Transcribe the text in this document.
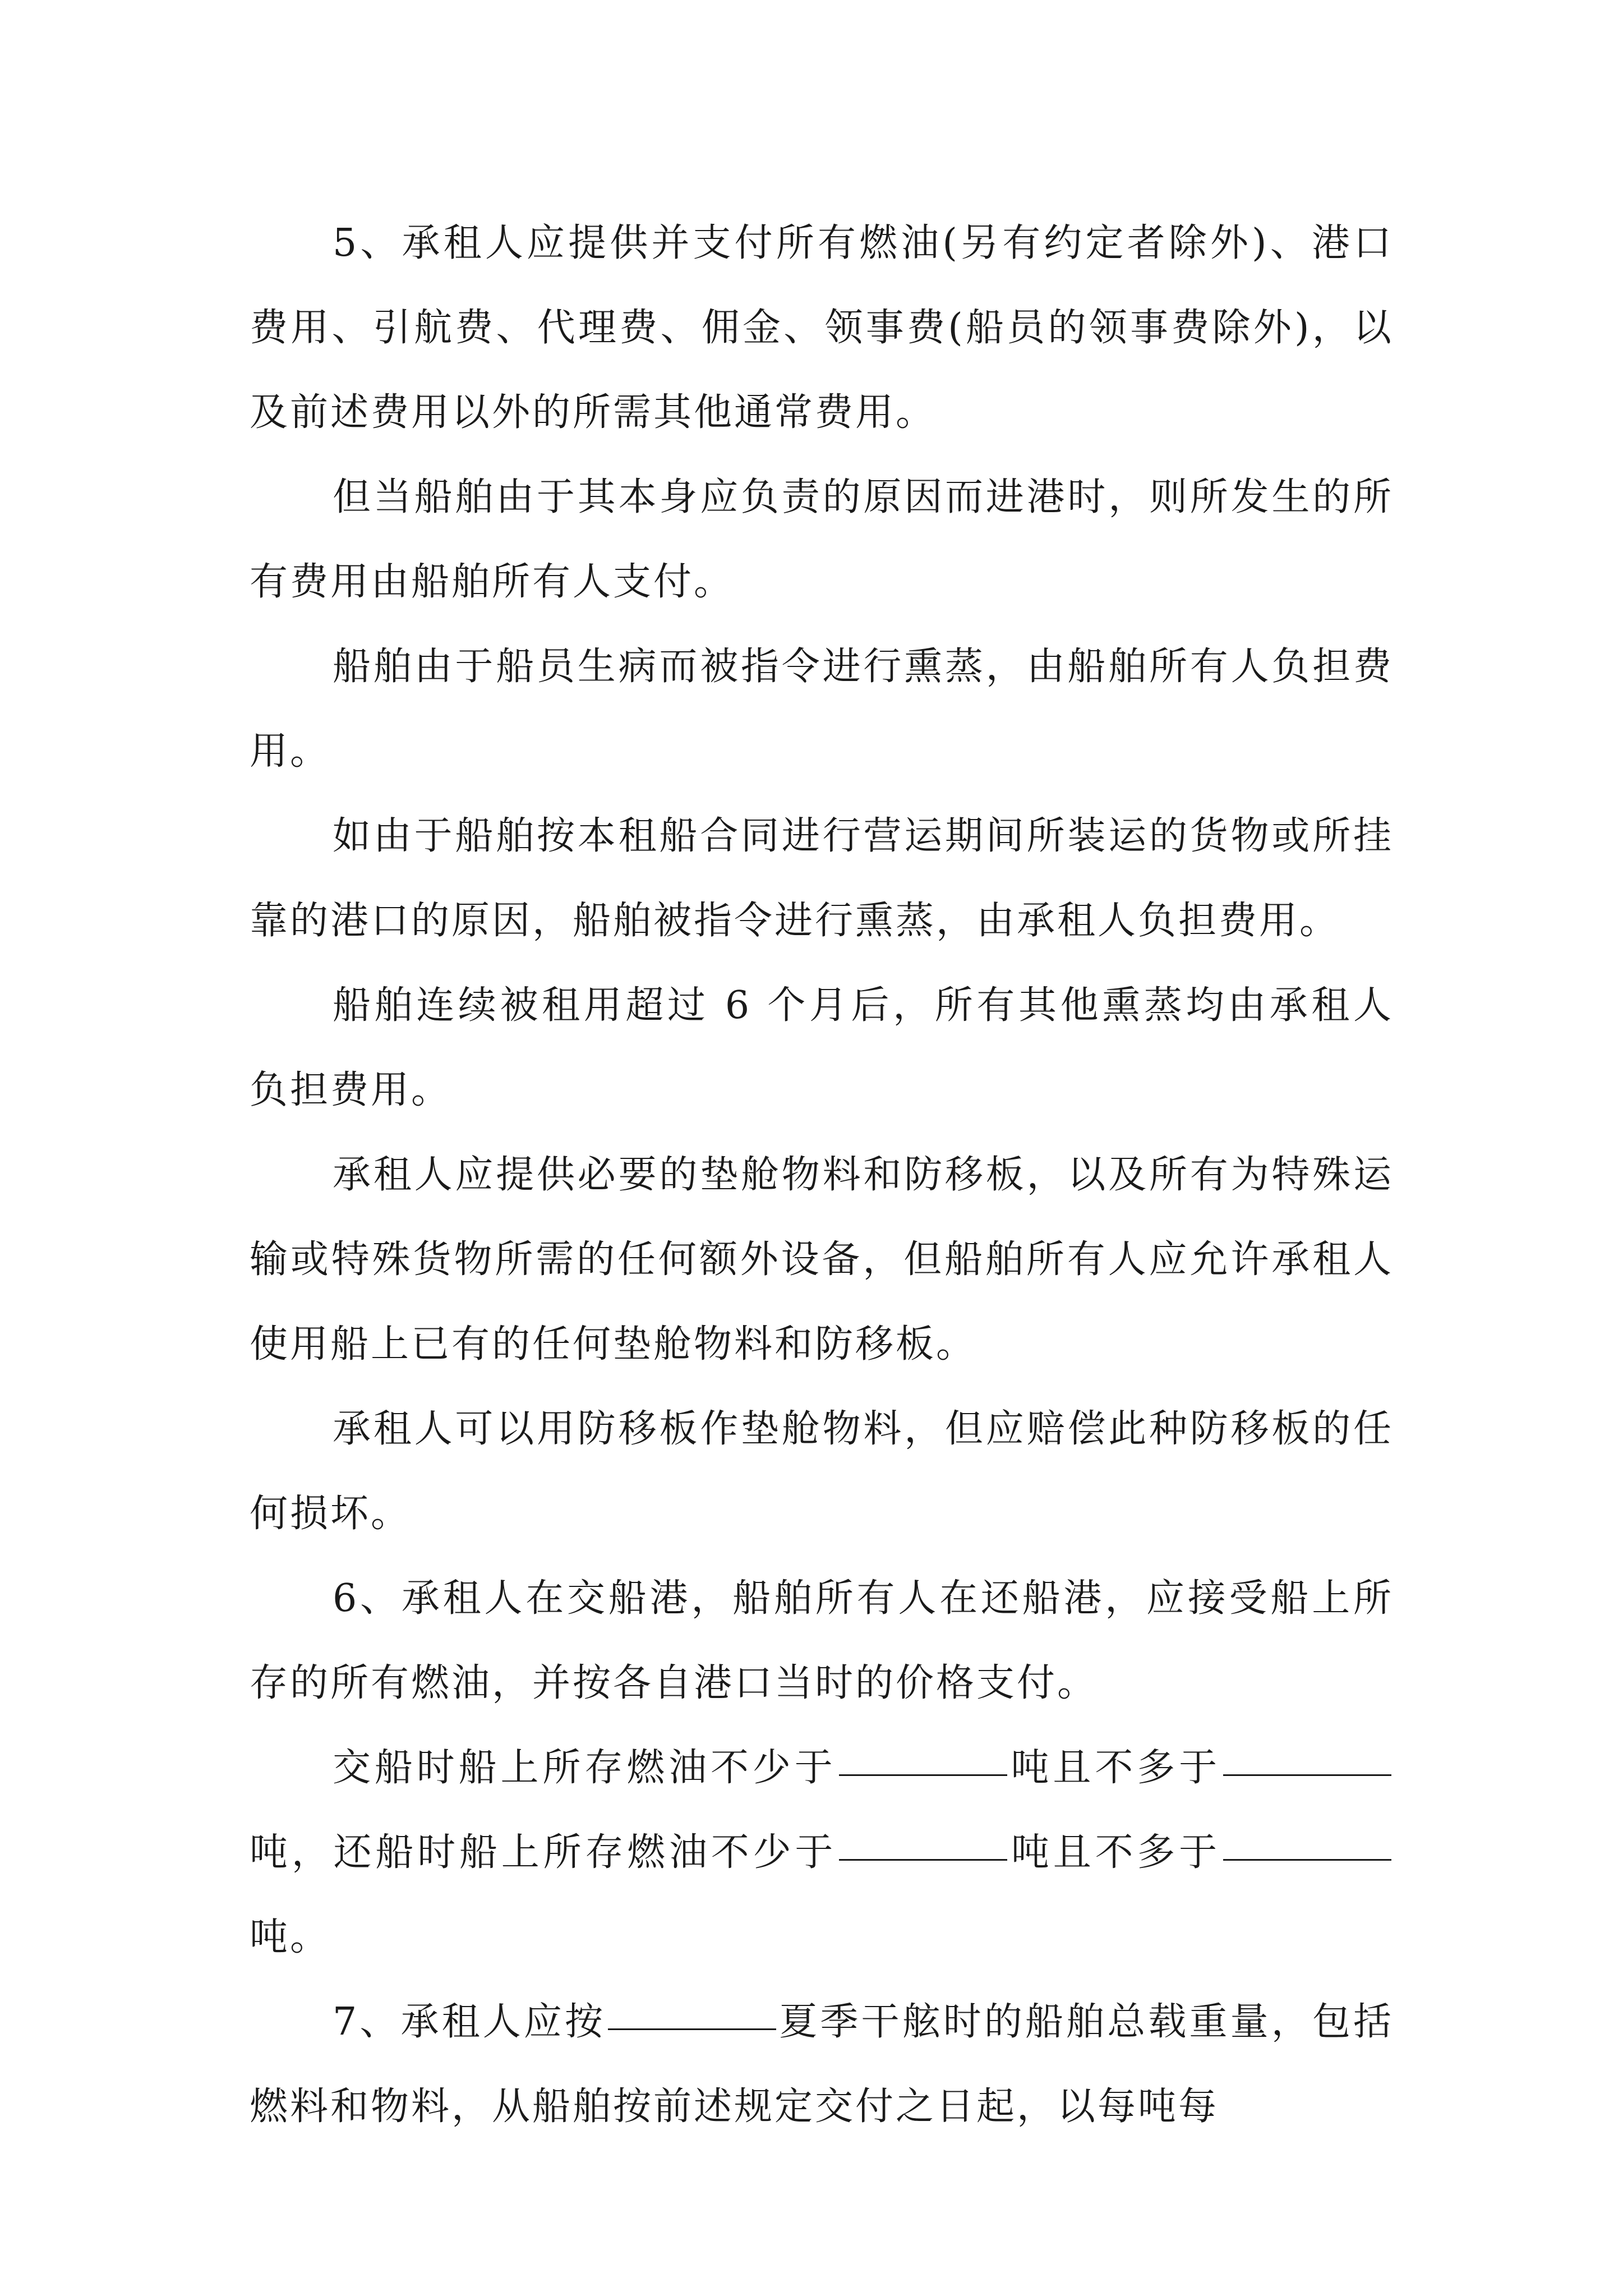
5、承租人应提供并支付所有燃油(另有约定者除外)、港口费用、引航费、代理费、佣金、领事费(船员的领事费除外)，以及前述费用以外的所需其他通常费用。

但当船舶由于其本身应负责的原因而进港时，则所发生的所有费用由船舶所有人支付。

船舶由于船员生病而被指令进行熏蒸，由船舶所有人负担费用。

如由于船舶按本租船合同进行营运期间所装运的货物或所挂靠的港口的原因，船舶被指令进行熏蒸，由承租人负担费用。

船舶连续被租用超过 6 个月后，所有其他熏蒸均由承租人负担费用。

承租人应提供必要的垫舱物料和防移板，以及所有为特殊运输或特殊货物所需的任何额外设备，但船舶所有人应允许承租人使用船上已有的任何垫舱物料和防移板。

承租人可以用防移板作垫舱物料，但应赔偿此种防移板的任何损坏。

6、承租人在交船港，船舶所有人在还船港，应接受船上所存的所有燃油，并按各自港口当时的价格支付。

交船时船上所存燃油不少于	吨且不多于吨，还船时船上所存燃油不少于	吨且不多于吨。

7、承租人应按	夏季干舷时的船舶总载重量，包括燃料和物料，从船舶按前述规定交付之日起，以每吨每
